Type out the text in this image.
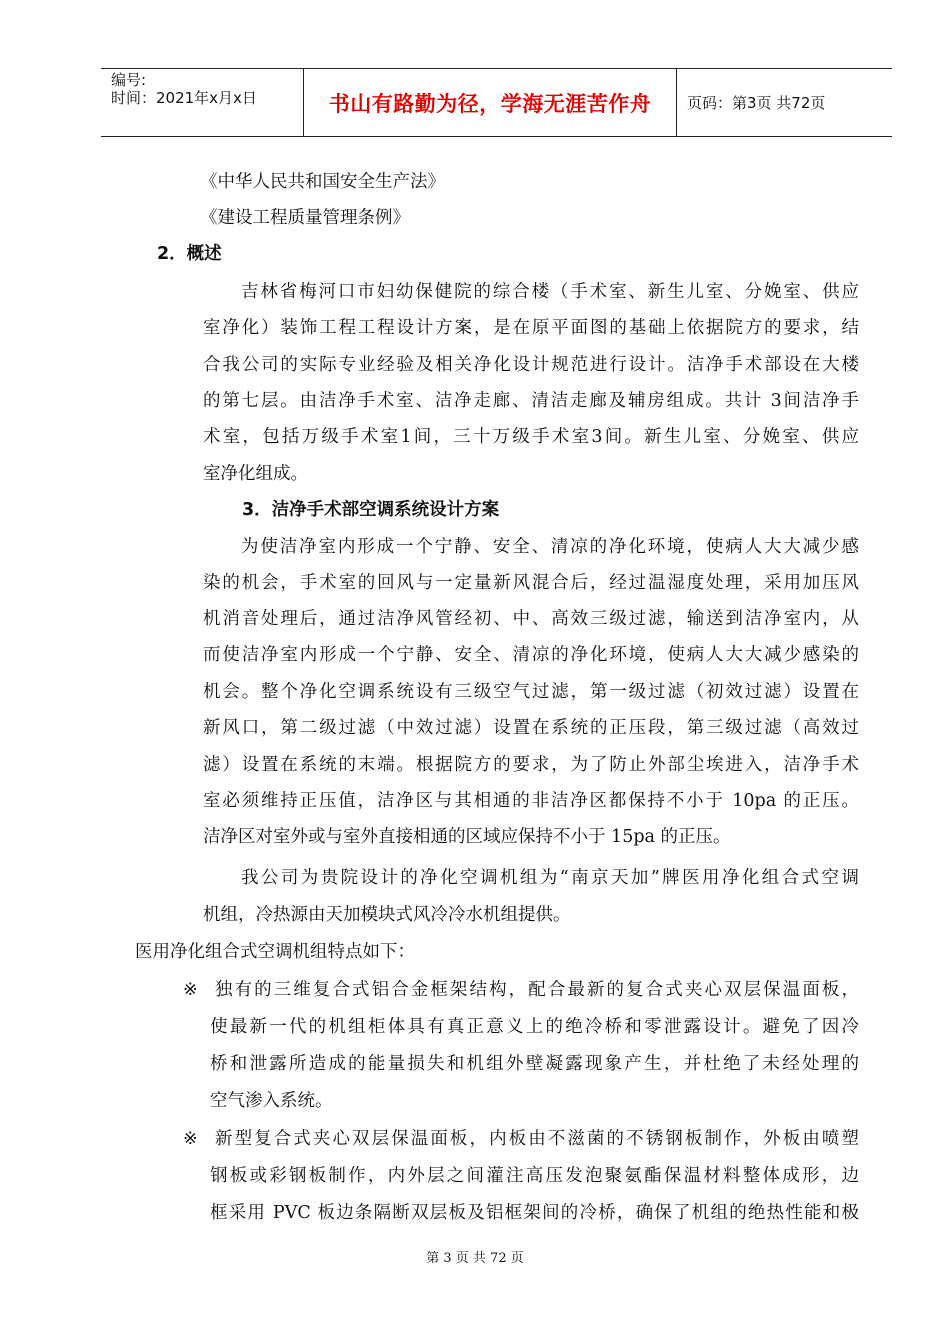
编号:
时间：2021年x月x日	书山有路勤为径，学海无涯苦作舟	页码：第3页 共72页
《中华人民共和国安全生产法》
《建设工程质量管理条例》
2．概述
吉林省梅河口市妇幼保健院的综合楼（手术室、新生儿室、分娩室、供应
室净化）装饰工程工程设计方案，是在原平面图的基础上依据院方的要求，结
合我公司的实际专业经验及相关净化设计规范进行设计。洁净手术部设在大楼
的第七层。由洁净手术室、洁净走廊、清洁走廊及辅房组成。共计 3间洁净手
术室，包括万级手术室1间，三十万级手术室3间。新生儿室、分娩室、供应
室净化组成。
3．洁净手术部空调系统设计方案
为使洁净室内形成一个宁静、安全、清凉的净化环境，使病人大大减少感
染的机会，手术室的回风与一定量新风混合后，经过温湿度处理，采用加压风
机消音处理后，通过洁净风管经初、中、高效三级过滤，输送到洁净室内，从
而使洁净室内形成一个宁静、安全、清凉的净化环境，使病人大大减少感染的
机会。整个净化空调系统设有三级空气过滤，第一级过滤（初效过滤）设置在
新风口，第二级过滤（中效过滤）设置在系统的正压段，第三级过滤（高效过
滤）设置在系统的末端。根据院方的要求，为了防止外部尘埃进入，洁净手术
室必须维持正压值，洁净区与其相通的非洁净区都保持不小于 10pa 的正压。
洁净区对室外或与室外直接相通的区域应保持不小于 15pa 的正压。
我公司为贵院设计的净化空调机组为“南京天加”牌医用净化组合式空调
机组，冷热源由天加模块式风冷冷水机组提供。
医用净化组合式空调机组特点如下：
※ 独有的三维复合式铝合金框架结构，配合最新的复合式夹心双层保温面板，
使最新一代的机组柜体具有真正意义上的绝冷桥和零泄露设计。避免了因冷
桥和泄露所造成的能量损失和机组外壁凝露现象产生，并杜绝了未经处理的
空气渗入系统。
※ 新型复合式夹心双层保温面板，内板由不滋菌的不锈钢板制作，外板由喷塑
钢板或彩钢板制作，内外层之间灌注高压发泡聚氨酯保温材料整体成形，边
框采用 PVC 板边条隔断双层板及铝框架间的冷桥，确保了机组的绝热性能和极
第 3 页 共 72 页
